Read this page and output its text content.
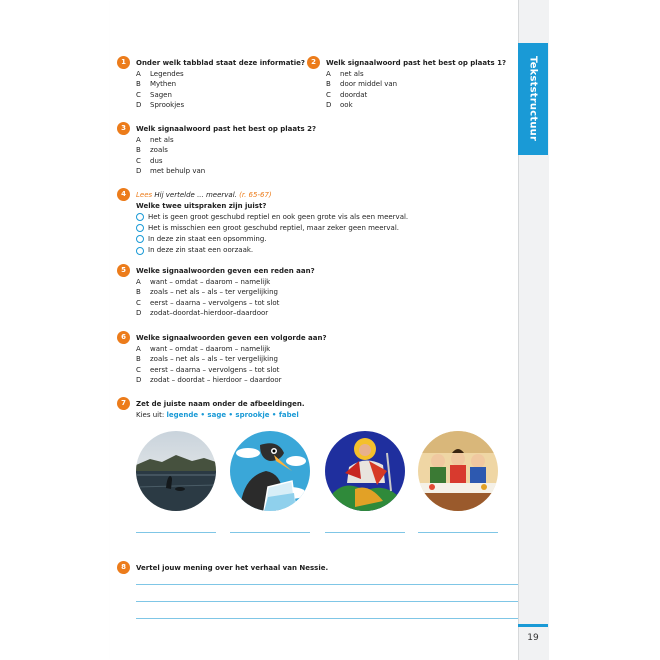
Tekststructuur
19
1	Onder welk tabblad staat deze informatie?
A	Legendes
B	Mythen
C	Sagen
D	Sprookjes
2	Welk signaalwoord past het best op plaats 1?
A	net als
B	door middel van
C	doordat
D	ook
3	Welk signaalwoord past het best op plaats 2?
A	net als
B	zoals
C	dus
D	met behulp van
4	Lees Hij vertelde ... meerval. (r. 65-67)
Welke twee uitspraken zijn juist?
Het is geen groot geschubd reptiel en ook geen grote vis als een meerval.
Het is misschien een groot geschubd reptiel, maar zeker geen meerval.
In deze zin staat een opsomming.
In deze zin staat een oorzaak.
5	Welke signaalwoorden geven een reden aan?
A	want – omdat – daarom – namelijk
B	zoals – net als – als – ter vergelijking
C	eerst – daarna – vervolgens – tot slot
D	zodat–doordat–hierdoor–daardoor
6	Welke signaalwoorden geven een volgorde aan?
A	want – omdat – daarom – namelijk
B	zoals – net als – als – ter vergelijking
C	eerst – daarna – vervolgens – tot slot
D	zodat – doordat – hierdoor – daardoor
7	Zet de juiste naam onder de afbeeldingen.
Kies uit: legende • sage • sprookje • fabel
8	Vertel jouw mening over het verhaal van Nessie.
